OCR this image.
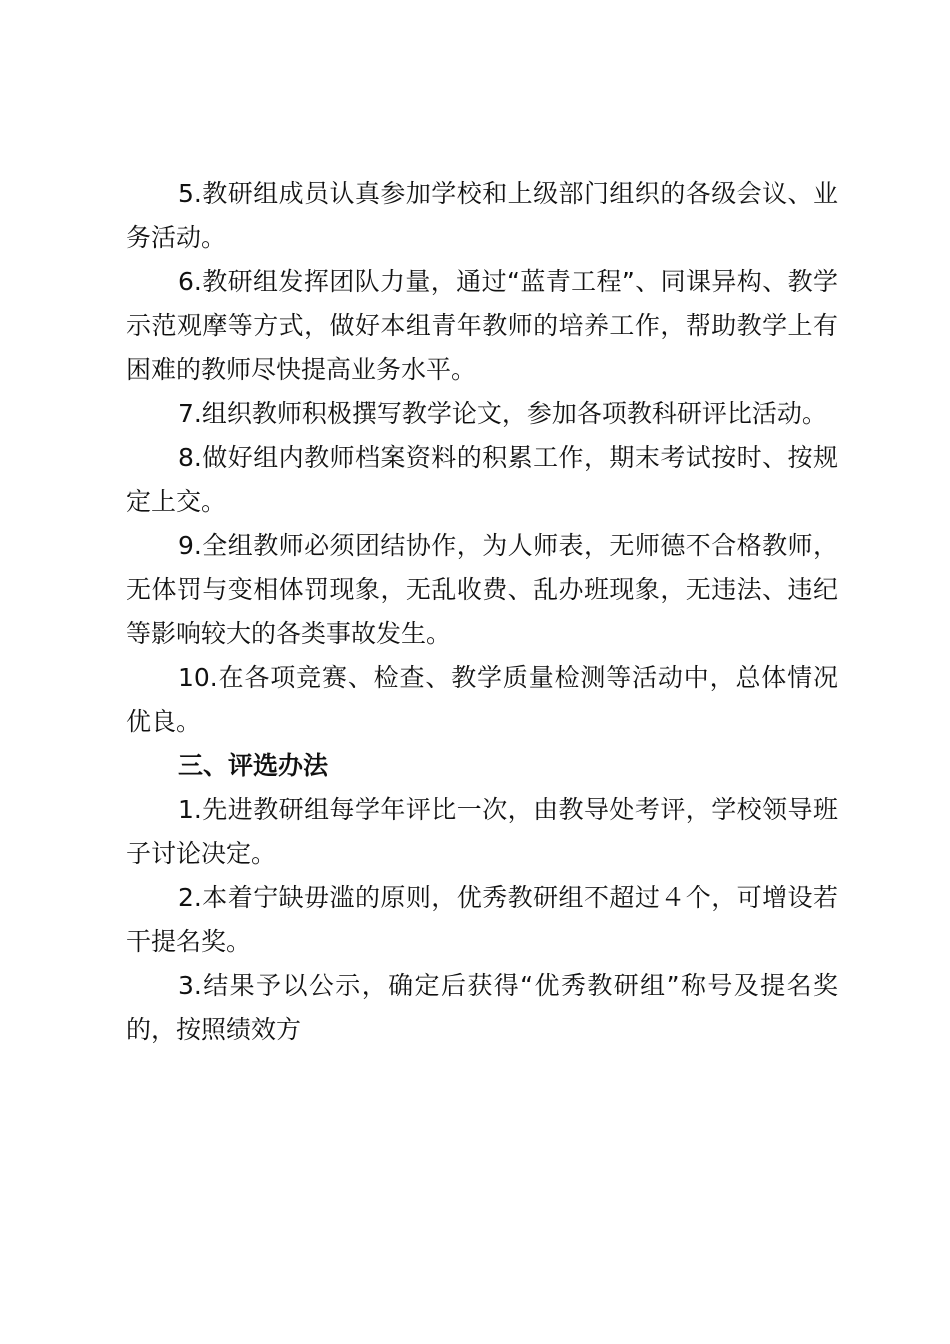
5.教研组成员认真参加学校和上级部门组织的各级会议、业务活动。

6.教研组发挥团队力量，通过“蓝青工程”、同课异构、教学示范观摩等方式，做好本组青年教师的培养工作，帮助教学上有困难的教师尽快提高业务水平。

7.组织教师积极撰写教学论文，参加各项教科研评比活动。

8.做好组内教师档案资料的积累工作，期末考试按时、按规定上交。

9.全组教师必须团结协作，为人师表，无师德不合格教师，无体罚与变相体罚现象，无乱收费、乱办班现象，无违法、违纪等影响较大的各类事故发生。

10.在各项竞赛、检查、教学质量检测等活动中，总体情况优良。

三、评选办法

1.先进教研组每学年评比一次，由教导处考评，学校领导班子讨论决定。

2.本着宁缺毋滥的原则，优秀教研组不超过４个，可增设若干提名奖。

3.结果予以公示，确定后获得“优秀教研组”称号及提名奖的，按照绩效方
